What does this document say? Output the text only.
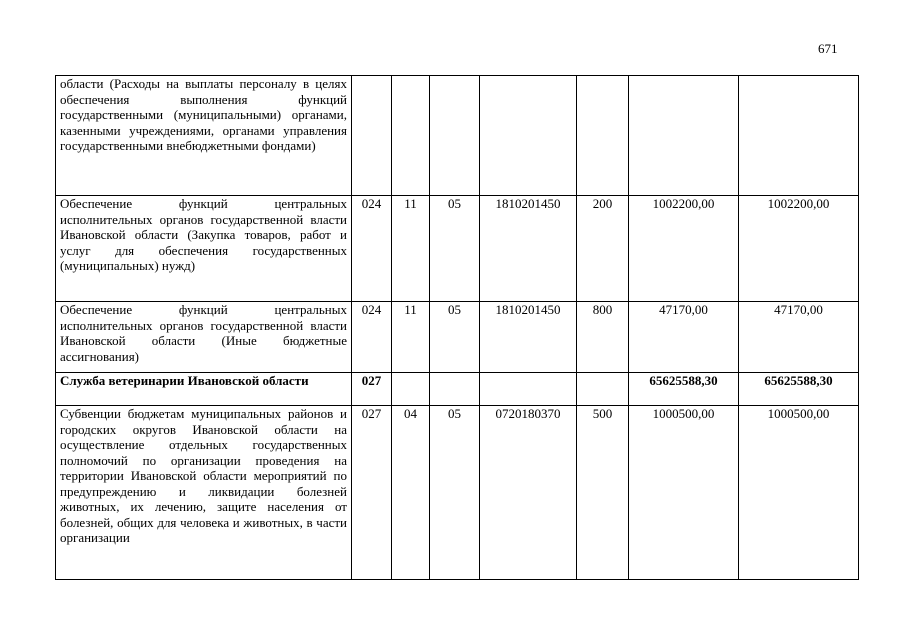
671
области (Расходы на выплаты персоналу в целях обеспечения выполнения функций государственными (муниципальными) органами, казенными учреждениями, органами управления государственными внебюджетными фондами)							
Обеспечение функций центральных исполнительных органов государственной власти Ивановской области (Закупка товаров, работ и услуг для обеспечения государственных (муниципальных) нужд)	024	11	05	1810201450	200	1002200,00	1002200,00
Обеспечение функций центральных исполнительных органов государственной власти Ивановской области (Иные бюджетные ассигнования)	024	11	05	1810201450	800	47170,00	47170,00
Служба ветеринарии Ивановской области	027					65625588,30	65625588,30
Субвенции бюджетам муниципальных районов и городских округов Ивановской области на осуществление отдельных государственных полномочий по организации проведения на территории Ивановской области мероприятий по предупреждению и ликвидации болезней животных, их лечению, защите населения от болезней, общих для человека и животных, в части организации	027	04	05	0720180370	500	1000500,00	1000500,00
